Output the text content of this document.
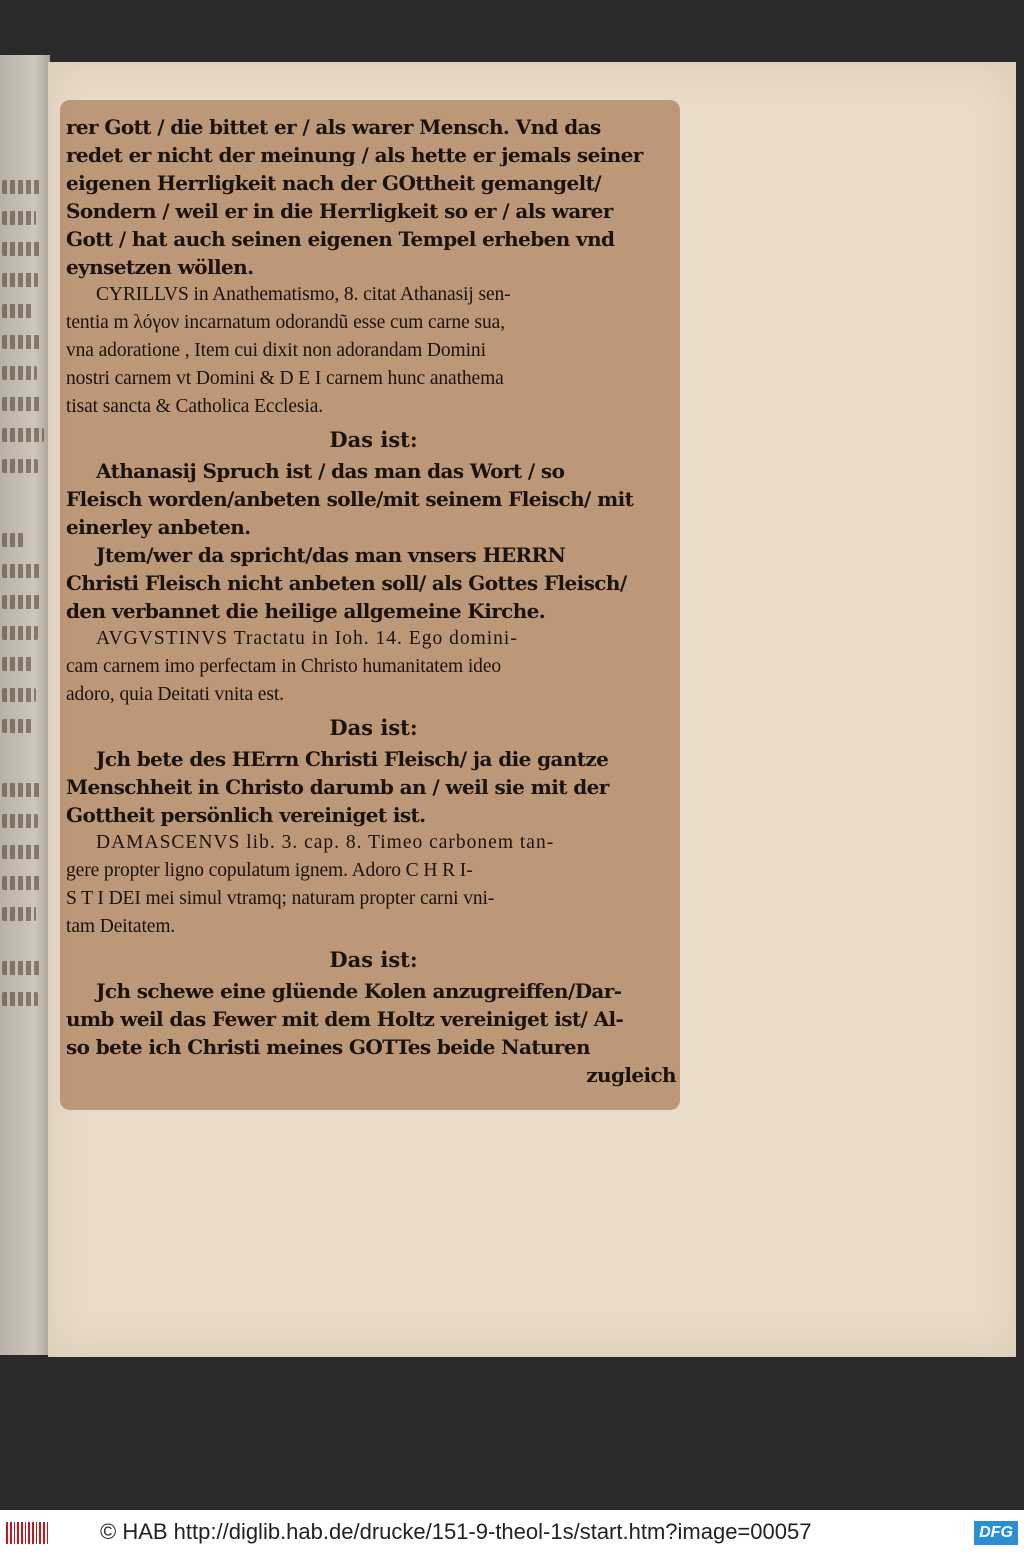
rer Gott / die bittet er / als warer Mensch. Vnd das
redet er nicht der meinung / als hette er jemals seiner
eigenen Herrligkeit nach der GOttheit gemangelt/
Sondern / weil er in die Herrligkeit so er / als warer
Gott / hat auch seinen eigenen Tempel erheben vnd
eynsetzen wöllen.
CYRILLVS in Anathematismo, 8. citat Athanasij sen-
tentia m λόγον incarnatum odorandũ esse cum carne sua,
vna adoratione , Item cui dixit non adorandam Domini
nostri carnem vt Domini & D E I carnem hunc anathema
tisat sancta & Catholica Ecclesia.
Das ist:
Athanasij Spruch ist / das man das Wort / so
Fleisch worden/anbeten solle/mit seinem Fleisch/ mit
einerley anbeten.
Jtem/wer da spricht/das man vnsers HERRN
Christi Fleisch nicht anbeten soll/ als Gottes Fleisch/
den verbannet die heilige allgemeine Kirche.
AVGVSTINVS Tractatu in Ioh. 14. Ego domini-
cam carnem imo perfectam in Christo humanitatem ideo
adoro, quia Deitati vnita est.
Das ist:
Jch bete des HErrn Christi Fleisch/ ja die gantze
Menschheit in Christo darumb an / weil sie mit der
Gottheit persönlich vereiniget ist.
DAMASCENVS lib. 3. cap. 8. Timeo carbonem tan-
gere propter ligno copulatum ignem. Adoro C H R I-
S T I DEI mei simul vtramq; naturam propter carni vni-
tam Deitatem.
Das ist:
Jch schewe eine glüende Kolen anzugreiffen/Dar-
umb weil das Fewer mit dem Holtz vereiniget ist/ Al-
so bete ich Christi meines GOTTes beide Naturen
zugleich
© HAB http://diglib.hab.de/drucke/151-9-theol-1s/start.htm?image=00057	DFG
